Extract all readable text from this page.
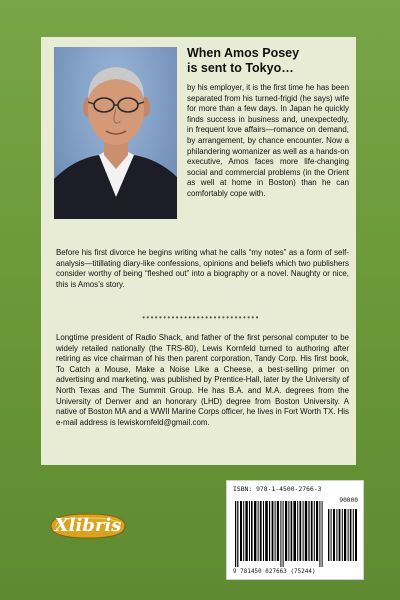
When Amos Posey
is sent to Tokyo…

by his employer, it is the first time he has been separated from his turned-frigid (he says) wife for more than a few days. In Japan he quickly finds success in business and, unexpectedly, in frequent love affairs—romance on demand, by arrangement, by chance encounter. Now a philandering womanizer as well as a hands-on executive, Amos faces more life-changing social and commercial problems (in the Orient as well at home in Boston) than he can comfortably cope with.

Before his first divorce he begins writing what he calls “my notes” as a form of self-analysis—titillating diary-like confessions, opinions and beliefs which two publishers consider worthy of being “fleshed out” into a biography or a novel. Naughty or nice, this is Amos’s story.

••••••••••••••••••••••••••••

Longtime president of Radio Shack, and father of the first personal computer to be widely retailed nationally (the TRS-80), Lewis Kornfeld turned to authoring after retiring as vice chairman of his then parent corporation, Tandy Corp. His first book, To Catch a Mouse, Make a Noise Like a Cheese, a best-selling primer on advertising and marketing, was published by Prentice-Hall, later by the University of North Texas and The Summit Group. He has B.A. and M.A. degrees from the University of Denver and an honorary (LHD) degree from Boston University. A native of Boston MA and a WWII Marine Corps officer, he lives in Fort Worth TX. His e-mail address is lewiskornfeld@gmail.com.

Xlibris
ISBN: 978-1-4500-2766-3
90000
9 781450 027663 (75244)
